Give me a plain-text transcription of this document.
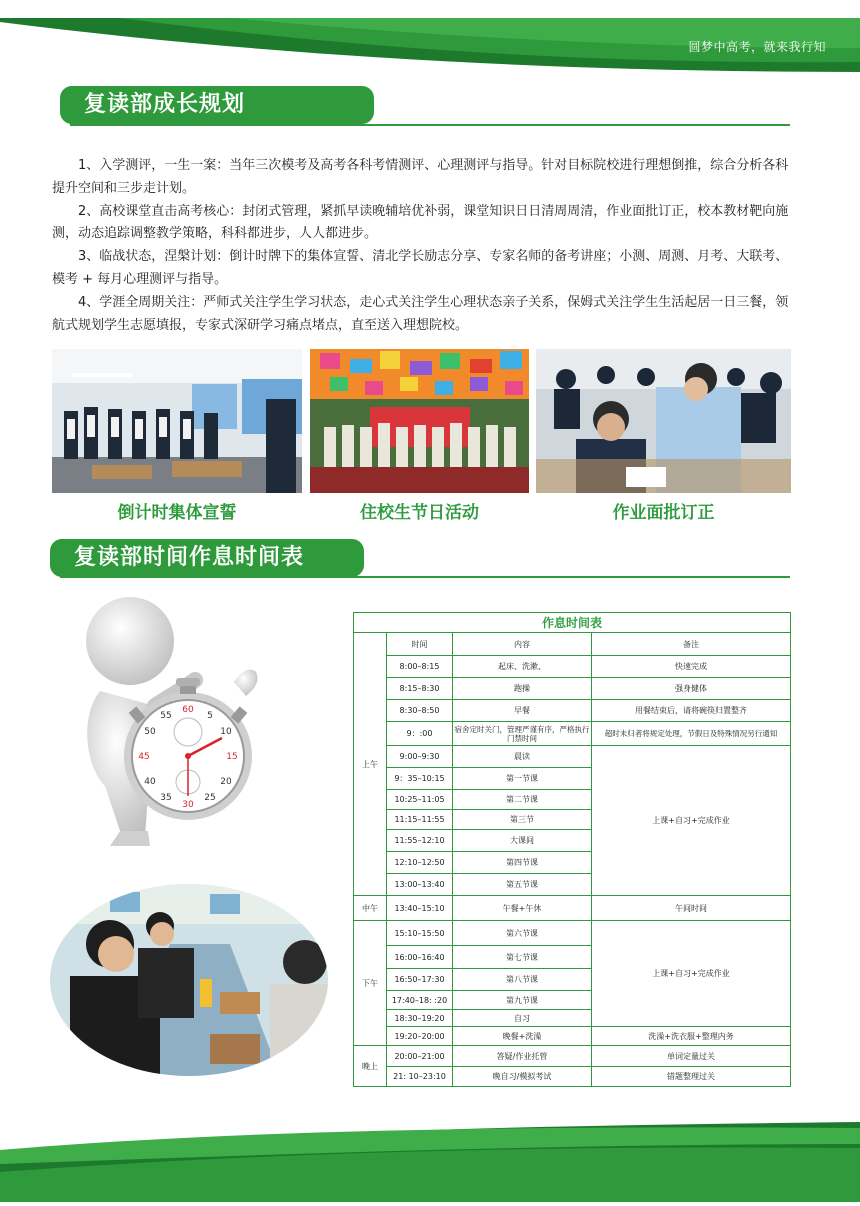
圆梦中高考，就来我行知
复读部成长规划

1、入学测评，一生一案：当年三次模考及高考各科考情测评、心理测评与指导。针对目标院校进行理想倒推，综合分析各科提升空间和三步走计划。

2、高校课堂直击高考核心：封闭式管理，紧抓早读晚辅培优补弱，课堂知识日日清周周清，作业面批订正，校本教材靶向施测，动态追踪调整教学策略，科科都进步，人人都进步。

3、临战状态，涅槃计划：倒计时牌下的集体宣誓、清北学长励志分享、专家名师的备考讲座；小测、周测、月考、大联考、模考 + 每月心理测评与指导。

4、学涯全周期关注：严师式关注学生学习状态，走心式关注学生心理状态亲子关系，保姆式关注学生生活起居一日三餐，领航式规划学生志愿填报，专家式深研学习痛点堵点，直至送入理想院校。

倒计时集体宣誓	住校生节日活动	作业面批订正
复读部时间作息时间表
60
5
10
15
20
25
30
35
40
45
50
55
作息时间表			
上午	时间	内容	备注
	8:00–8:15	起床、洗漱、	快速完成
	8:15–8:30	跑操	强身健体
	8:30–8:50	早餐	用餐结束后，请将碗筷归置整齐
	9：:00	宿舍定时关门，管理严谨有序，严格执行门禁时间	超时未归者将规定处理，节假日及特殊情况另行通知
	9:00–9:30	晨读	上课+自习+完成作业
	9：35–10:15	第一节课	
	10:25–11:05	第二节课	
	11:15–11:55	第三节	
	11:55–12:10	大课间	
	12:10–12:50	第四节课	
	13:00–13:40	第五节课	
中午	13:40–15:10	午餐+午休	午间时间
下午	15:10–15:50	第六节课	上课+自习+完成作业
	16:00–16:40	第七节课	
	16:50–17:30	第八节课	
	17:40–18: :20	第九节课	
	18:30–19:20	自习	
	19:20–20:00	晚餐+洗澡	洗澡+洗衣服+整理内务
晚上	20:00–21:00	答疑/作业托管	单词定量过关
	21: 10–23:10	晚自习/模拟考试	错题整理过关
